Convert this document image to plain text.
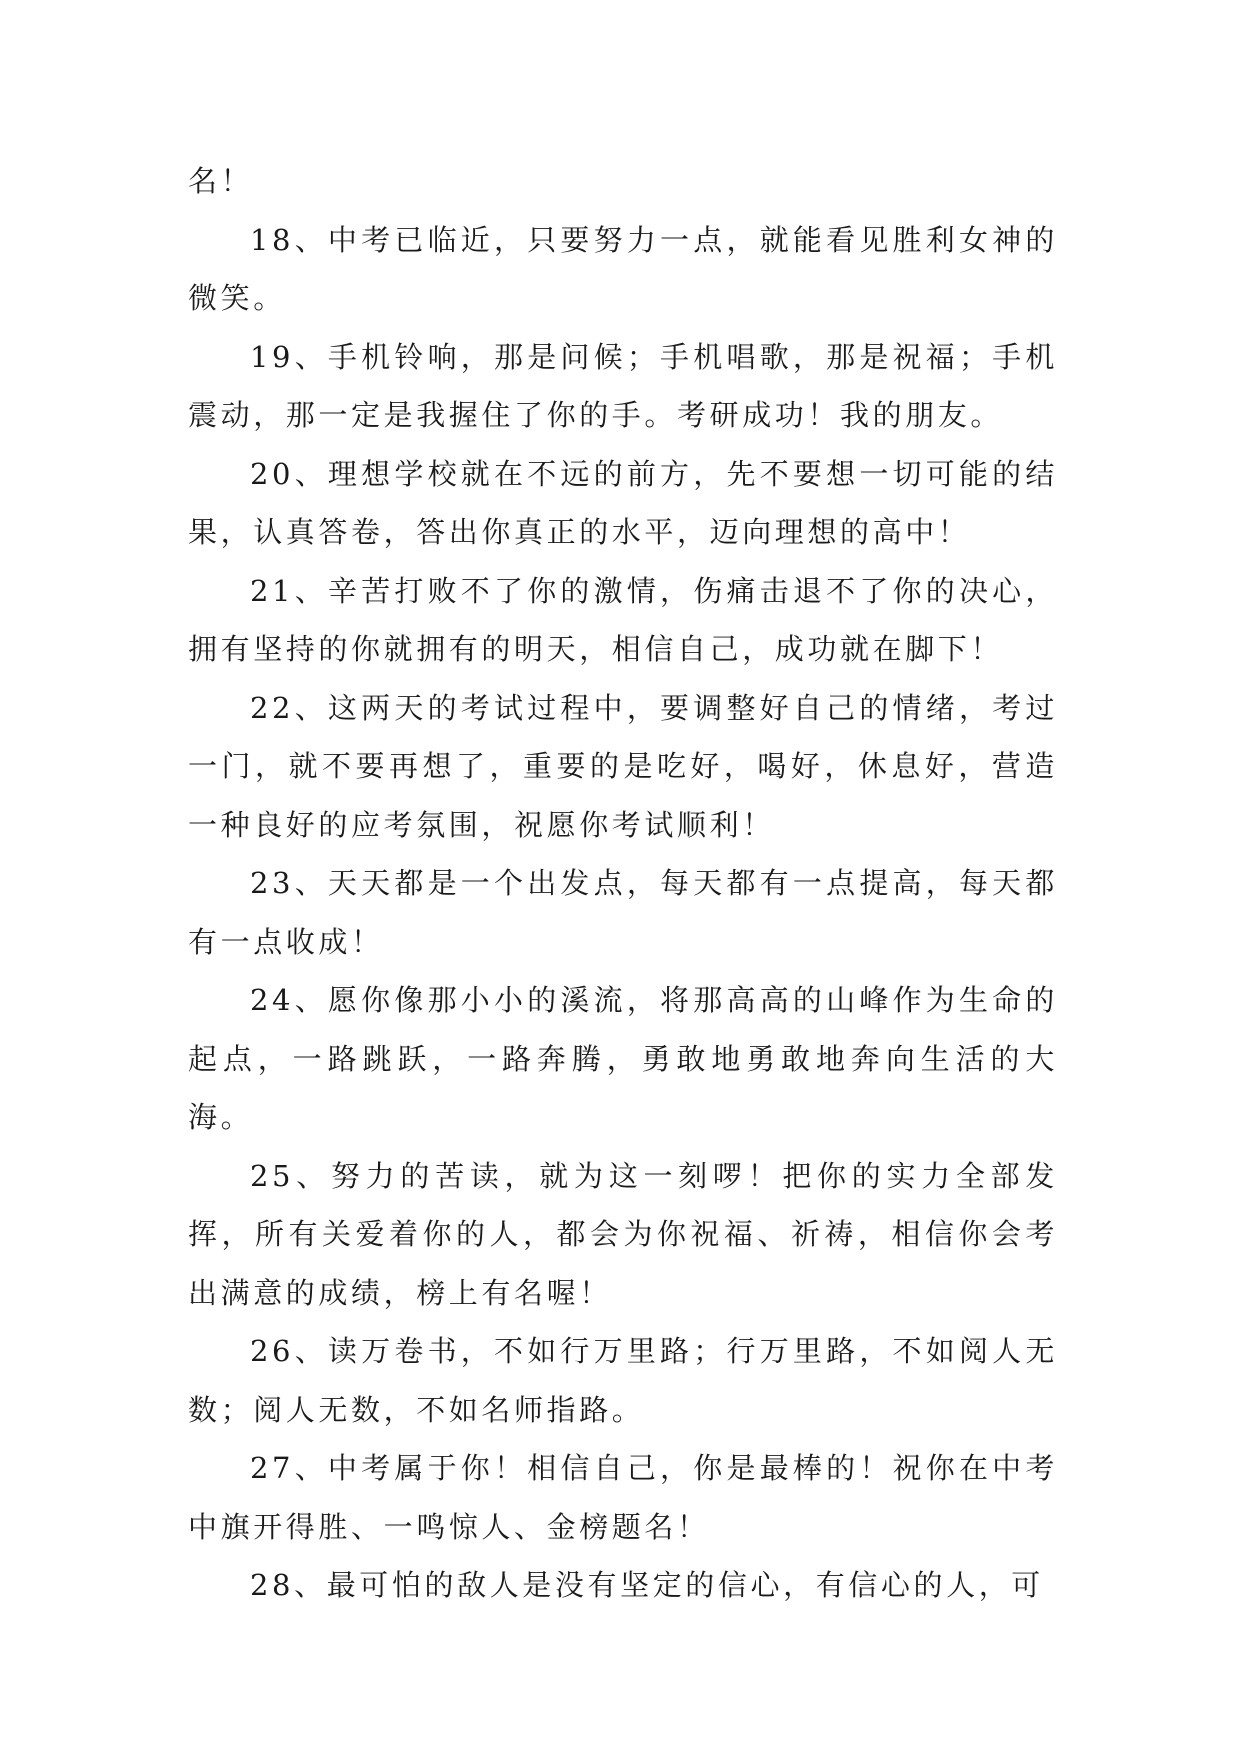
名！

18、中考已临近，只要努力一点，就能看见胜利女神的微笑。

19、手机铃响，那是问候；手机唱歌，那是祝福；手机震动，那一定是我握住了你的手。考研成功！我的朋友。

20、理想学校就在不远的前方，先不要想一切可能的结果，认真答卷，答出你真正的水平，迈向理想的高中！

21、辛苦打败不了你的激情，伤痛击退不了你的决心，拥有坚持的你就拥有的明天，相信自己，成功就在脚下！

22、这两天的考试过程中，要调整好自己的情绪，考过一门，就不要再想了，重要的是吃好，喝好，休息好，营造一种良好的应考氛围，祝愿你考试顺利！

23、天天都是一个出发点，每天都有一点提高，每天都有一点收成！

24、愿你像那小小的溪流，将那高高的山峰作为生命的起点，一路跳跃，一路奔腾，勇敢地勇敢地奔向生活的大海。

25、努力的苦读，就为这一刻啰！把你的实力全部发挥，所有关爱着你的人，都会为你祝福、祈祷，相信你会考出满意的成绩，榜上有名喔！

26、读万卷书，不如行万里路；行万里路，不如阅人无数；阅人无数，不如名师指路。

27、中考属于你！相信自己，你是最棒的！祝你在中考中旗开得胜、一鸣惊人、金榜题名！

28、最可怕的敌人是没有坚定的信心，有信心的人，可
